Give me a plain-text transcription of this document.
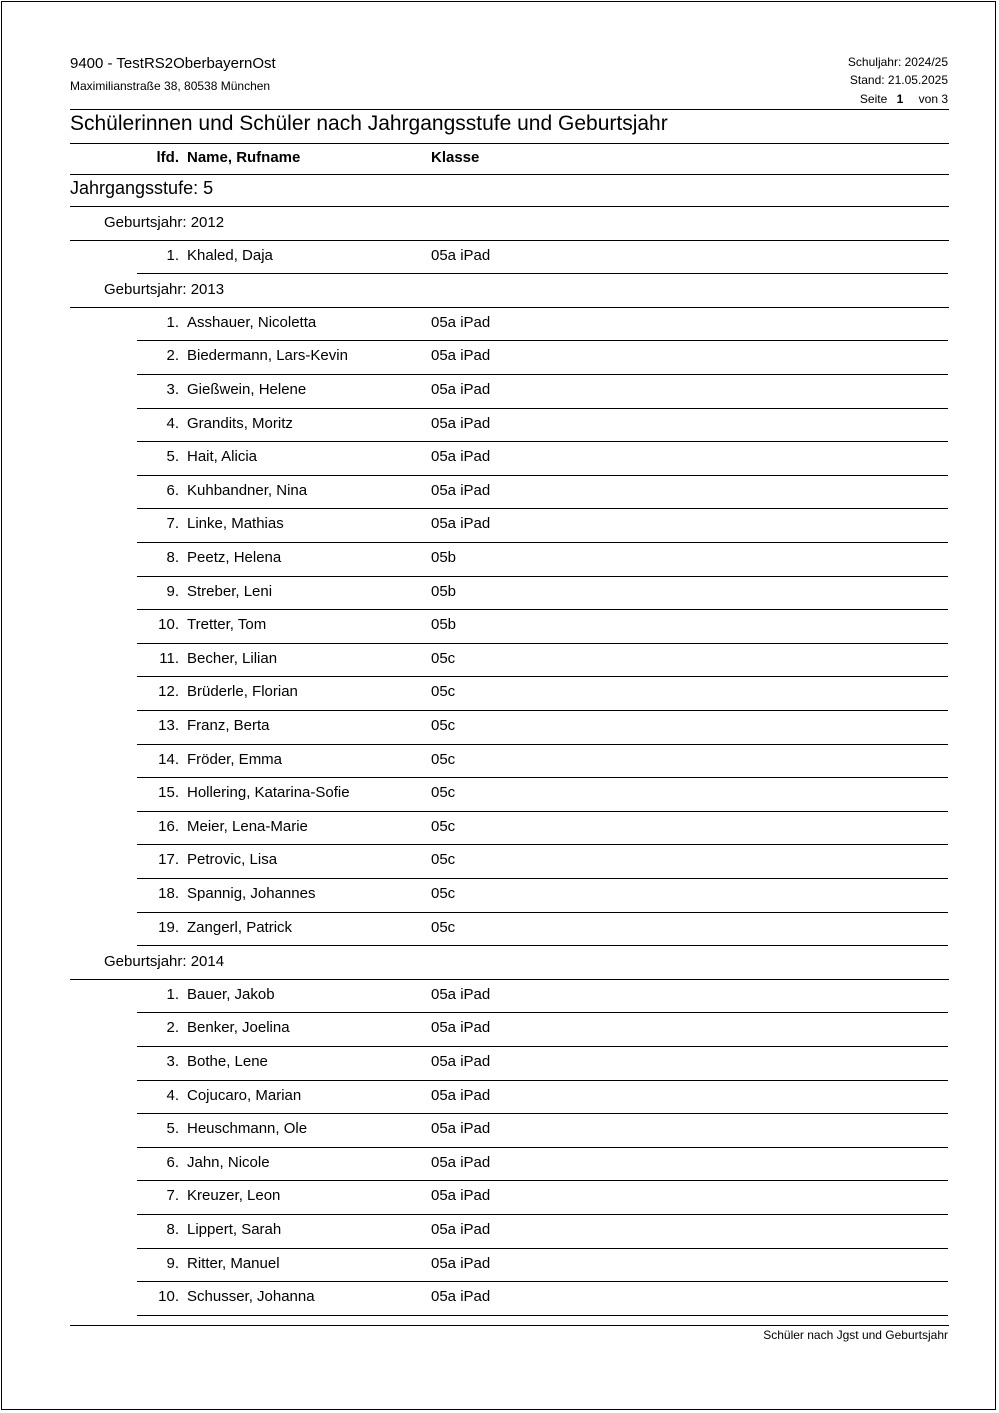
9400 - TestRS2OberbayernOst
Maximilianstraße 38, 80538 München
Schuljahr: 2024/25
Stand: 21.05.2025
Seite 1 von 3
Schülerinnen und Schüler nach Jahrgangsstufe und Geburtsjahr
lfd. Name, Rufname	Klasse
Jahrgangsstufe: 5
Geburtsjahr: 2012
1. Khaled, Daja	05a iPad
Geburtsjahr: 2013
1. Asshauer, Nicoletta	05a iPad
2. Biedermann, Lars-Kevin	05a iPad
3. Gießwein, Helene	05a iPad
4. Grandits, Moritz	05a iPad
5. Hait, Alicia	05a iPad
6. Kuhbandner, Nina	05a iPad
7. Linke, Mathias	05a iPad
8. Peetz, Helena	05b
9. Streber, Leni	05b
10. Tretter, Tom	05b
11. Becher, Lilian	05c
12. Brüderle, Florian	05c
13. Franz, Berta	05c
14. Fröder, Emma	05c
15. Hollering, Katarina-Sofie	05c
16. Meier, Lena-Marie	05c
17. Petrovic, Lisa	05c
18. Spannig, Johannes	05c
19. Zangerl, Patrick	05c
Geburtsjahr: 2014
1. Bauer, Jakob	05a iPad
2. Benker, Joelina	05a iPad
3. Bothe, Lene	05a iPad
4. Cojucaro, Marian	05a iPad
5. Heuschmann, Ole	05a iPad
6. Jahn, Nicole	05a iPad
7. Kreuzer, Leon	05a iPad
8. Lippert, Sarah	05a iPad
9. Ritter, Manuel	05a iPad
10. Schusser, Johanna	05a iPad
Schüler nach Jgst und Geburtsjahr
